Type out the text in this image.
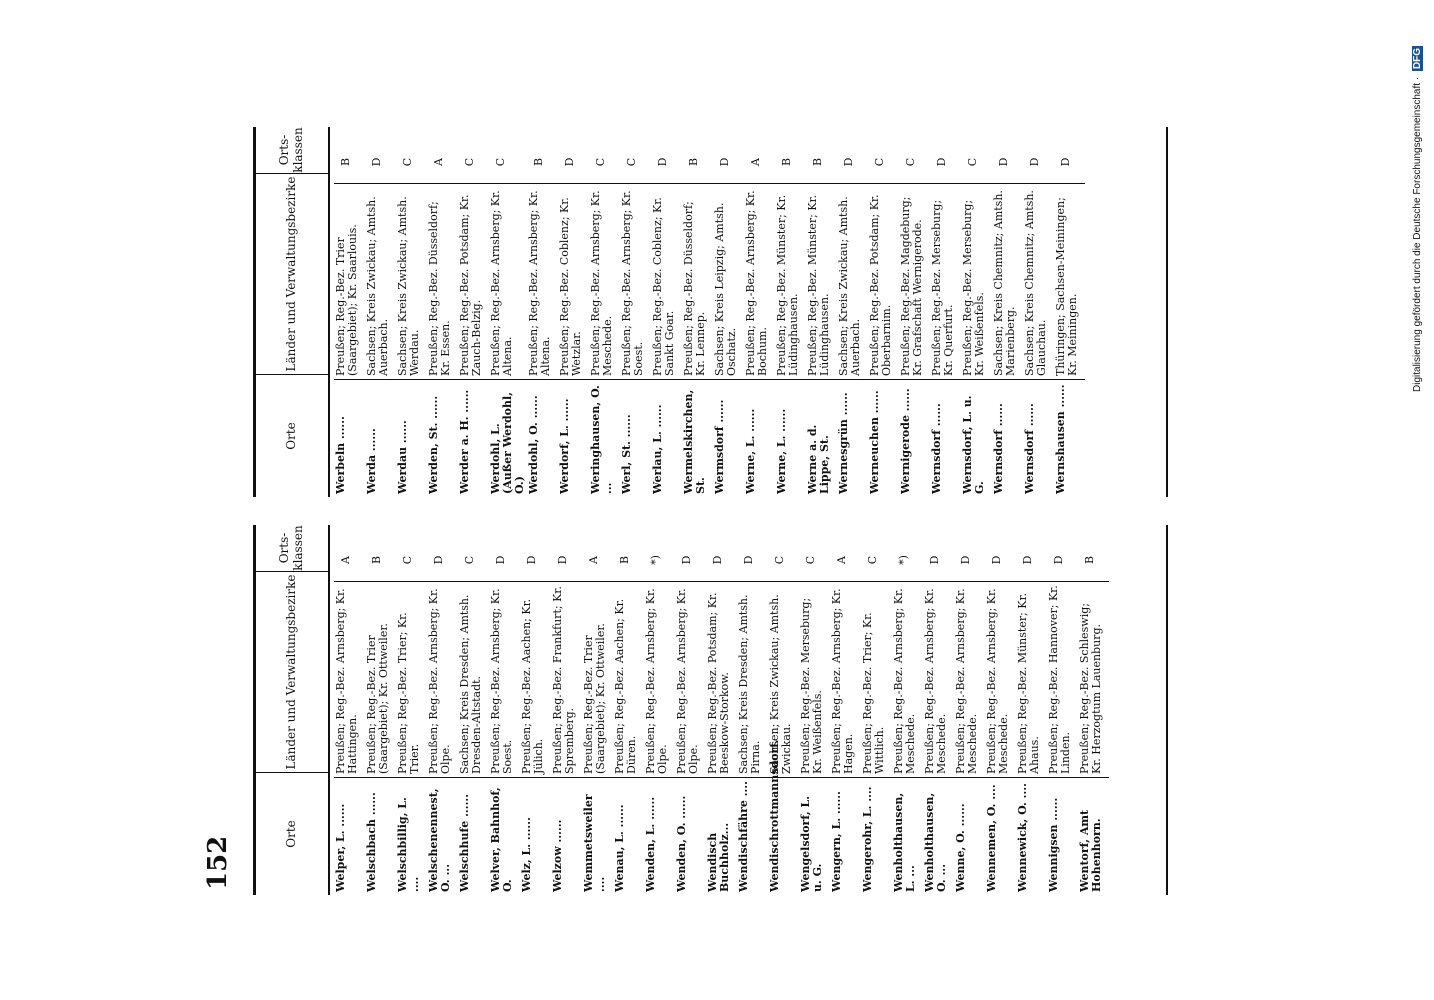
152
Orte
Länder und Verwaltungsbezirke
Orts-klassen
Welper, L. ......
Preußen; Reg.-Bez. Arnsberg; Kr. Hattingen.
A
Welschbach ......
Preußen; Reg.-Bez. Trier (Saargebiet); Kr. Ottweiler.
B
Welschbillig, L. ....
Preußen; Reg.-Bez. Trier; Kr. Trier.
C
Welschenennest, O. ...
Preußen; Reg.-Bez. Arnsberg; Kr. Olpe.
D
Welschhufe ......
Sachsen; Kreis Dresden; Amtsh. Dresden-Altstadt.
C
Welver, Bahnhof, O.
Preußen; Reg.-Bez. Arnsberg; Kr. Soest.
D
Welz, L. ......
Preußen; Reg.-Bez. Aachen; Kr. Jülich.
D
Welzow ......
Preußen; Reg.-Bez. Frankfurt; Kr. Spremberg.
D
Wemmetsweiler ....
Preußen; Reg.-Bez. Trier (Saargebiet); Kr. Ottweiler.
A
Wenau, L. ......
Preußen; Reg.-Bez. Aachen; Kr. Düren.
B
Wenden, L. ......
Preußen; Reg.-Bez. Arnsberg; Kr. Olpe.
*)
Wenden, O. ......
Preußen; Reg.-Bez. Arnsberg; Kr. Olpe.
D
Wendisch Buchholz...
Preußen; Reg.-Bez. Potsdam; Kr. Beeskow-Storkow.
D
Wendischfähre ....
Sachsen; Kreis Dresden; Amtsh. Pirna.
D
Wendischrottmannsdorf.
Sachsen; Kreis Zwickau; Amtsh. Zwickau.
C
Wengelsdorf, L. u. G.
Preußen; Reg.-Bez. Merseburg; Kr. Weißenfels.
C
Wengern, L. ......
Preußen; Reg.-Bez. Arnsberg; Kr. Hagen.
A
Wengerohr, L. ....
Preußen; Reg.-Bez. Trier; Kr. Wittlich.
C
Wenholthausen, L. ...
Preußen; Reg.-Bez. Arnsberg; Kr. Meschede.
*)
Wenholthausen, O. ...
Preußen; Reg.-Bez. Arnsberg; Kr. Meschede.
D
Wenne, O. ......
Preußen; Reg.-Bez. Arnsberg; Kr. Meschede.
D
Wennemen, O. ....
Preußen; Reg.-Bez. Arnsberg; Kr. Meschede.
D
Wennewick, O. ....
Preußen; Reg.-Bez. Münster; Kr. Ahaus.
D
Wennigsen ......
Preußen; Reg.-Bez. Hannover; Kr. Linden.
D
Wentorf, Amt Hohenhorn.
Preußen; Reg.-Bez. Schleswig; Kr. Herzogtum Lauenburg.
B
Orte
Länder und Verwaltungsbezirke
Orts-klassen
Werbeln ......
Preußen; Reg.-Bez. Trier (Saargebiet); Kr. Saarlouis.
B
Werda ......
Sachsen; Kreis Zwickau; Amtsh. Auerbach.
D
Werdau ......
Sachsen; Kreis Zwickau; Amtsh. Werdau.
C
Werden, St. ......
Preußen; Reg.-Bez. Düsseldorf; Kr. Essen.
A
Werder a. H. ......
Preußen; Reg.-Bez. Potsdam; Kr. Zauch-Belzig.
C
Werdohl, L. (Außer Werdohl, O.)
Preußen; Reg.-Bez. Arnsberg; Kr. Altena.
C
Werdohl, O. ......
Preußen; Reg.-Bez. Arnsberg; Kr. Altena.
B
Werdorf, L. ......
Preußen; Reg.-Bez. Coblenz; Kr. Wetzlar.
D
Weringhausen, O. ...
Preußen; Reg.-Bez. Arnsberg; Kr. Meschede.
C
Werl, St. ......
Preußen; Reg.-Bez. Arnsberg; Kr. Soest.
C
Werlau, L. ......
Preußen; Reg.-Bez. Coblenz; Kr. Sankt Goar.
D
Wermelskirchen, St.
Preußen; Reg.-Bez. Düsseldorf; Kr. Lennep.
B
Wermsdorf ......
Sachsen; Kreis Leipzig; Amtsh. Oschatz.
D
Werne, L. ......
Preußen; Reg.-Bez. Arnsberg; Kr. Bochum.
A
Werne, L. ......
Preußen; Reg.-Bez. Münster; Kr. Lüdinghausen.
B
Werne a. d. Lippe, St.
Preußen; Reg.-Bez. Münster; Kr. Lüdinghausen.
B
Wernesgrün ......
Sachsen; Kreis Zwickau; Amtsh. Auerbach.
D
Werneuchen ......
Preußen; Reg.-Bez. Potsdam; Kr. Oberbarnim.
C
Wernigerode ......
Preußen; Reg.-Bez. Magdeburg; Kr. Grafschaft Wernigerode.
C
Wernsdorf ......
Preußen; Reg.-Bez. Merseburg; Kr. Querfurt.
D
Wernsdorf, L. u. G.
Preußen; Reg.-Bez. Merseburg; Kr. Weißenfels.
C
Wernsdorf ......
Sachsen; Kreis Chemnitz; Amtsh. Marienberg.
D
Wernsdorf ......
Sachsen; Kreis Chemnitz; Amtsh. Glauchau.
D
Wernshausen ......
Thüringen; Sachsen-Meiningen; Kr. Meiningen.
D	Digitalisierung gefördert durch die Deutsche Forschungsgemeinschaft · DFG
